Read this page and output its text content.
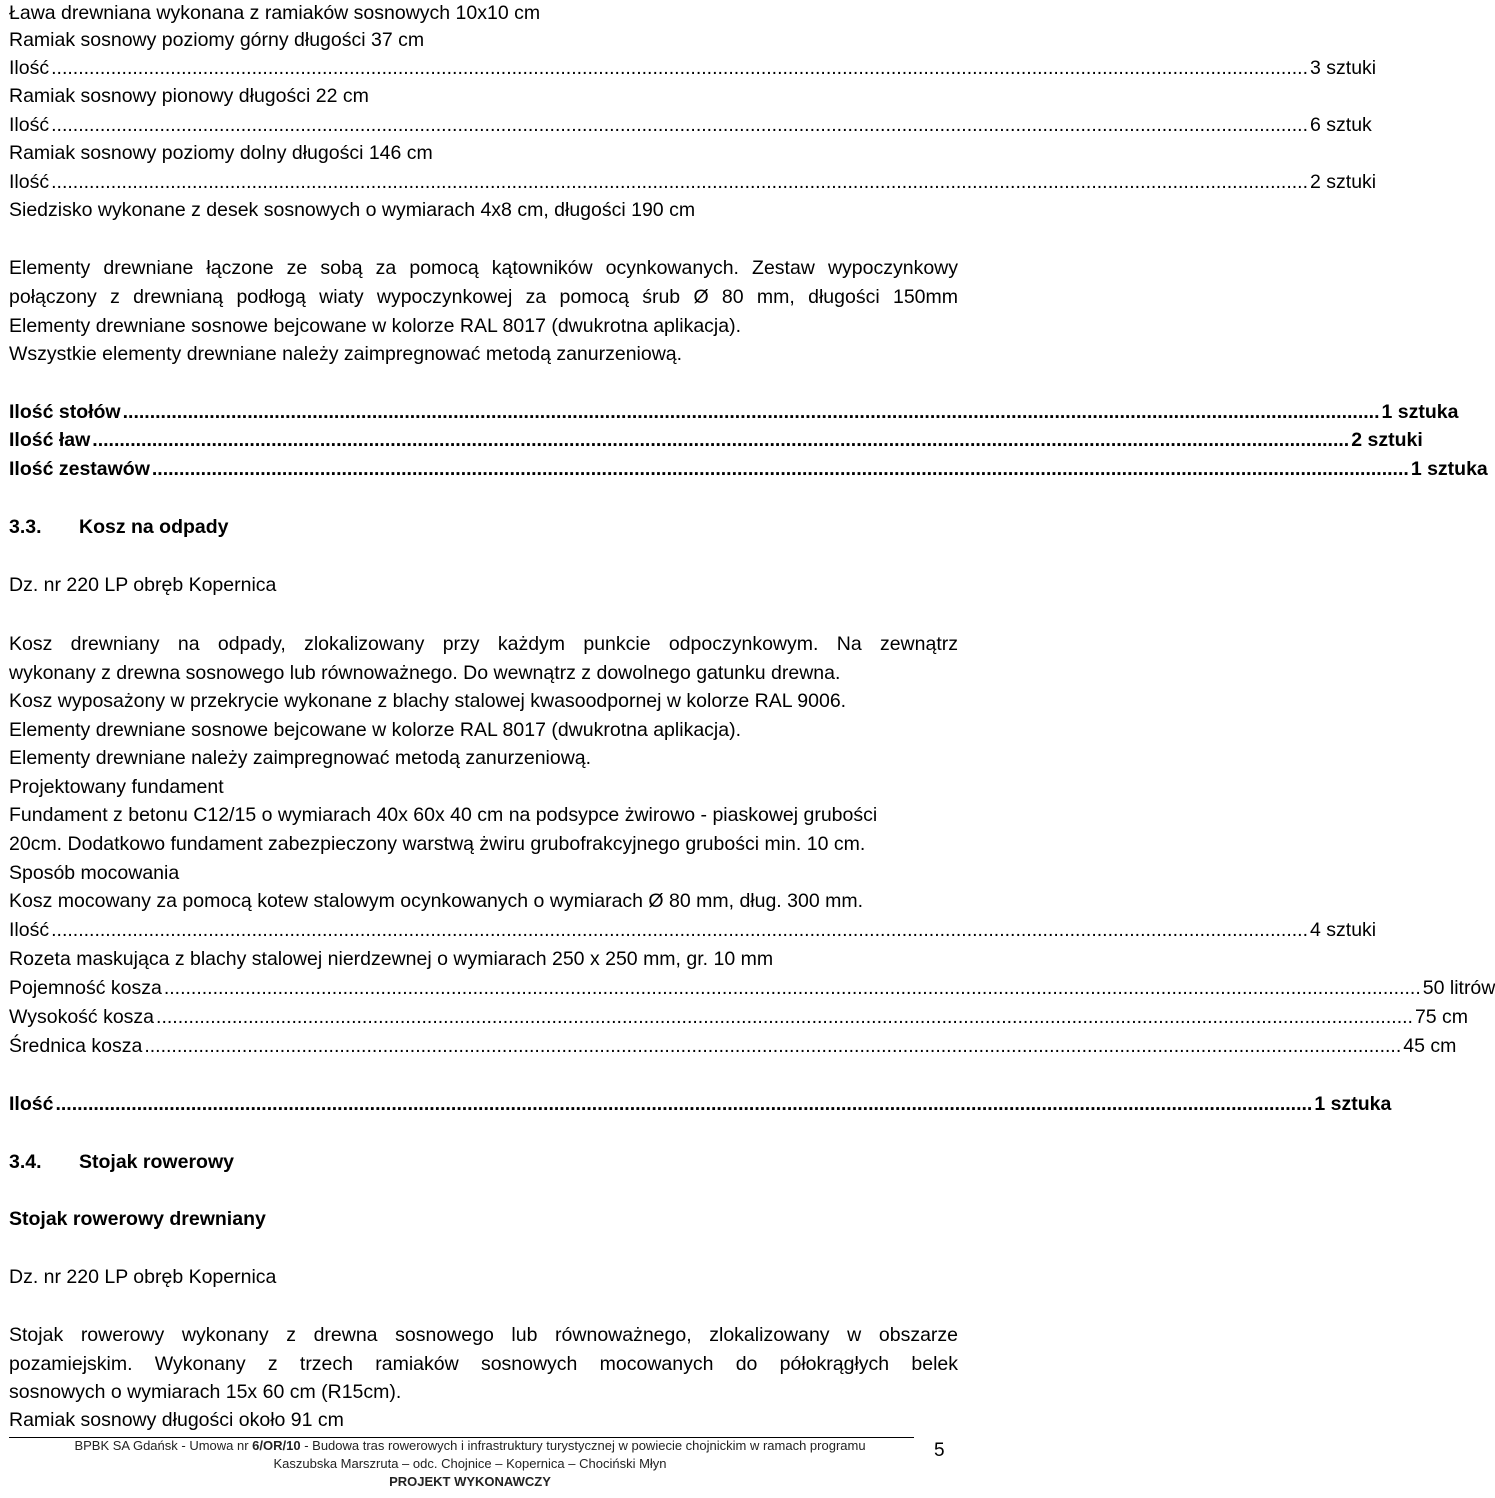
Ława drewniana wykonana z ramiaków sosnowych 10x10 cm
Ramiak sosnowy poziomy górny długości 37 cm
Ilość ........................................................................................................................................................................................................................................ 3 sztuki
Ramiak sosnowy pionowy długości 22 cm
Ilość ........................................................................................................................................................................................................................................ 6 sztuk
Ramiak sosnowy poziomy dolny długości 146 cm
Ilość ........................................................................................................................................................................................................................................ 2 sztuki
Siedzisko wykonane z desek sosnowych o wymiarach 4x8 cm, długości 190 cm
Elementy drewniane łączone ze sobą za pomocą kątowników ocynkowanych. Zestaw wypoczynkowy
połączony z drewnianą podłogą wiaty wypoczynkowej za pomocą śrub Ø 80 mm, długości 150mm
Elementy drewniane sosnowe bejcowane w kolorze RAL 8017 (dwukrotna aplikacja).
Wszystkie elementy drewniane należy zaimpregnować metodą zanurzeniową.
Ilość stołów ........................................................................................................................................................................................................................................ 1 sztuka
Ilość ław ........................................................................................................................................................................................................................................ 2 sztuki
Ilość zestawów ........................................................................................................................................................................................................................................ 1 sztuka
3.3. Kosz na odpady
Dz. nr 220 LP obręb Kopernica
Kosz drewniany na odpady, zlokalizowany przy każdym punkcie odpoczynkowym. Na zewnątrz
wykonany z drewna sosnowego lub równoważnego. Do wewnątrz z dowolnego gatunku drewna.
Kosz wyposażony w przekrycie wykonane z blachy stalowej kwasoodpornej w kolorze RAL 9006.
Elementy drewniane sosnowe bejcowane w kolorze RAL 8017 (dwukrotna aplikacja).
Elementy drewniane należy zaimpregnować metodą zanurzeniową.
Projektowany fundament
Fundament z betonu C12/15 o wymiarach 40x 60x 40 cm na podsypce żwirowo - piaskowej grubości
20cm. Dodatkowo fundament zabezpieczony warstwą żwiru grubofrakcyjnego grubości min. 10 cm.
Sposób mocowania
Kosz mocowany za pomocą kotew stalowym ocynkowanych o wymiarach Ø 80 mm, dług. 300 mm.
Ilość ........................................................................................................................................................................................................................................ 4 sztuki
Rozeta maskująca z blachy stalowej nierdzewnej o wymiarach 250 x 250 mm, gr. 10 mm
Pojemność kosza ........................................................................................................................................................................................................................................ 50 litrów
Wysokość kosza ........................................................................................................................................................................................................................................ 75 cm
Średnica kosza ........................................................................................................................................................................................................................................ 45 cm
Ilość ........................................................................................................................................................................................................................................ 1 sztuka
3.4. Stojak rowerowy
Stojak rowerowy drewniany
Dz. nr 220 LP obręb Kopernica
Stojak rowerowy wykonany z drewna sosnowego lub równoważnego, zlokalizowany w obszarze
pozamiejskim. Wykonany z trzech ramiaków sosnowych mocowanych do półokrągłych belek
sosnowych o wymiarach 15x 60 cm (R15cm).
Ramiak sosnowy długości około 91 cm
BPBK SA Gdańsk - Umowa nr 6/OR/10 - Budowa tras rowerowych i infrastruktury turystycznej w powiecie chojnickim w ramach programu
Kaszubska Marszruta – odc. Chojnice – Kopernica – Chociński Młyn
PROJEKT WYKONAWCZY
5
